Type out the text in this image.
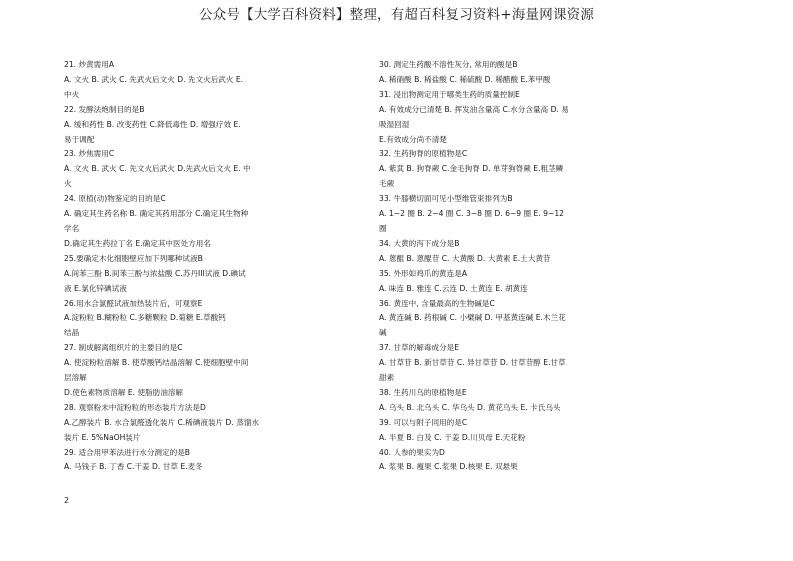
公众号【大学百科资料】整理，有超百科复习资料+海量网课资源
21. 炒黄需用A
A. 文火 B. 武火 C. 先武火后文火 D. 先文火后武火 E.
中火
22. 发酵法炮制目的是B
A. 缓和药性 B. 改变药性 C.降低毒性 D. 增强疗效 E.
易于调配
23. 炒焦需用C
A. 文火 B. 武火 C. 先文火后武火 D.先武火后文火 E. 中
火
24. 原植(动)物鉴定的目的是C
A. 确定其生药名称 B. 确定其药用部分 C.确定其生物种
学名
D.确定其生药拉丁名 E.确定其中医处方用名
25.要确定木化细胞壁应加下列哪种试液B
A.间苯三酚 B.间苯三酚与浓盐酸 C.苏丹III试液 D.碘试
液 E.氯化锌碘试液
26.用水合氯醛试液加热装片后，可观察E
A.淀粉粒 B.糊粉粒 C.多糖颗粒 D.菊糖 E.草酸钙
结晶
27. 制成解离组织片的主要目的是C
A. 使淀粉粒溶解 B. 使草酸钙结晶溶解 C.使细胞壁中间
层溶解
D.使色素物质溶解 E. 使脂肪油溶解
28. 观察粉末中淀粉粒的形态装片方法是D
A.乙醇装片 B. 水合氯醛透化装片 C.稀碘液装片 D. 蒸馏水
装片 E. 5%NaOH装片
29. 适合用甲苯法进行水分测定的是B
A. 马钱子 B. 丁香 C.干姜 D. 甘草 E.麦冬
30. 测定生药酸不溶性灰分, 常用的酸是B
A. 稀硝酸 B. 稀盐酸 C. 稀硫酸 D. 稀醋酸 E.苯甲酸
31. 浸出物测定用于哪类生药的质量控制E
A. 有效成分已清楚 B. 挥发油含量高 C.水分含量高 D. 易
吸湿回湿
E.有效成分尚不清楚
32. 生药狗脊的原植物是C
A. 紫萁 B. 狗脊蕨 C.金毛狗脊 D. 单芽狗脊蕨 E.粗茎鳞
毛蕨
33. 牛膝横切面可见小型维管束排列为B
A. 1~2 圈 B. 2~4 圈 C. 3~8 圈 D. 6~9 圈 E. 9~12
圈
34. 大黄的泻下成分是B
A. 蒽醌 B. 蒽醌苷 C. 大黄酸 D. 大黄素 E.土大黄苷
35. 外形如鸡爪的黄连是A
A. 味连 B. 雅连 C.云连 D. 土黄连 E. 胡黄连
36. 黄连中, 含量最高的生物碱是C
A. 黄连碱 B. 药根碱 C. 小檗碱 D. 甲基黄连碱 E.木兰花
碱
37. 甘草的解毒成分是E
A. 甘草苷 B. 新甘草苷 C. 异甘草苷 D. 甘草苷醇 E.甘草
甜素
38. 生药川乌的原植物是E
A. 乌头 B. 北乌头 C. 华乌头 D. 黄花乌头 E. 卡氏乌头
39. 可以与附子同用的是C
A. 半夏 B. 白及 C. 干姜 D.川贝母 E.天花粉
40. 人参的果实为D
A. 浆果 B. 瘦果 C.浆果 D.核果 E. 双悬果
2
